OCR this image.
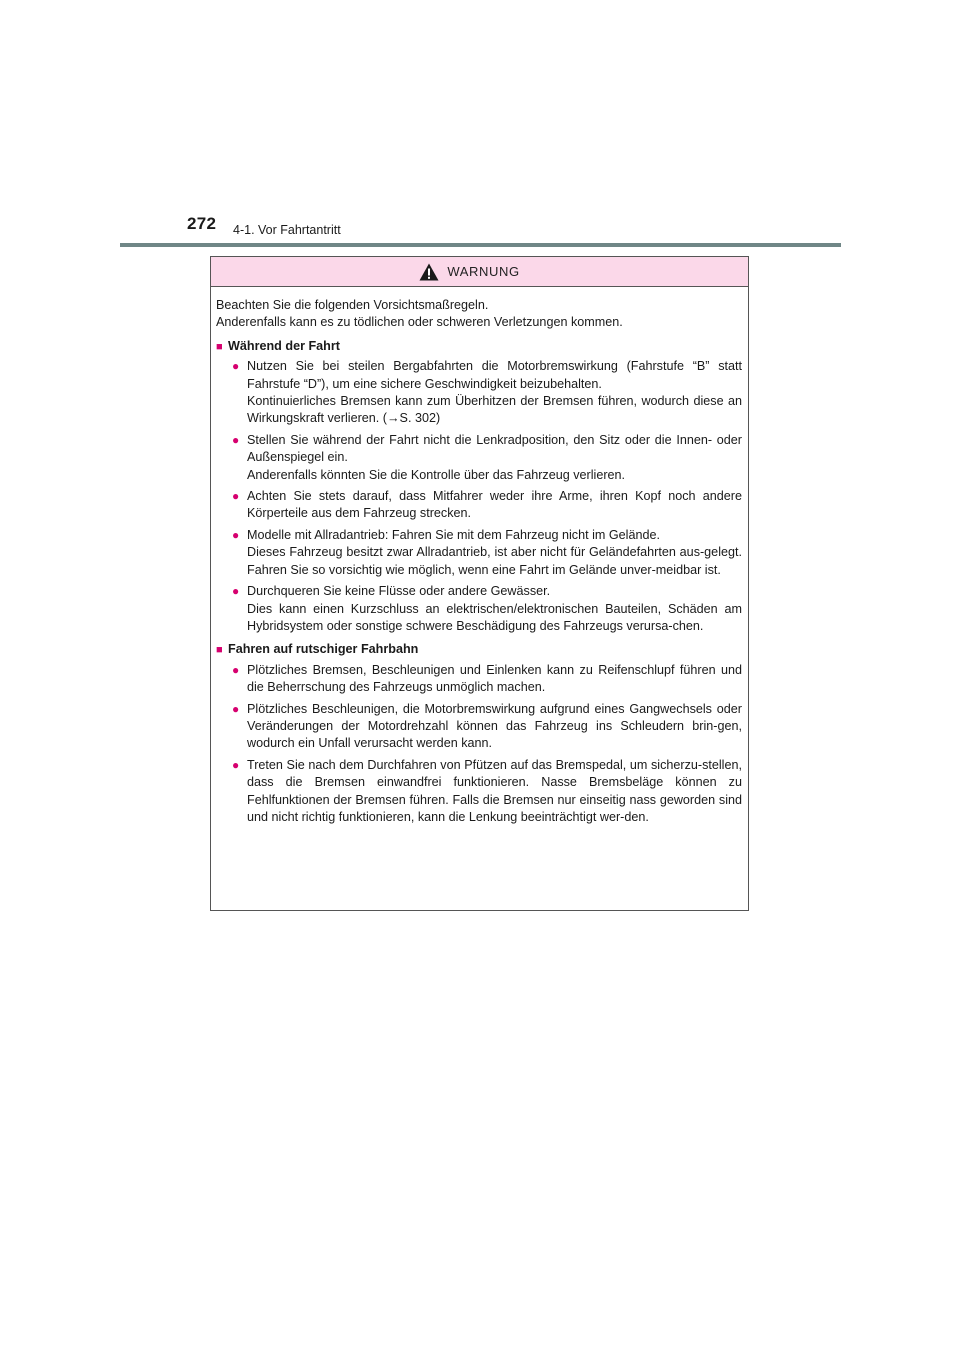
272 4-1. Vor Fahrtantritt
WARNUNG

Beachten Sie die folgenden Vorsichtsmaßregeln.

Anderenfalls kann es zu tödlichen oder schweren Verletzungen kommen.

■ Während der Fahrt
● Nutzen Sie bei steilen Bergabfahrten die Motorbremswirkung (Fahrstufe “B” statt Fahrstufe “D”), um eine sichere Geschwindigkeit beizubehalten.
Kontinuierliches Bremsen kann zum Überhitzen der Bremsen führen, wodurch diese an Wirkungskraft verlieren. (→S. 302)
● Stellen Sie während der Fahrt nicht die Lenkradposition, den Sitz oder die Innen- oder Außenspiegel ein.
Anderenfalls könnten Sie die Kontrolle über das Fahrzeug verlieren.
● Achten Sie stets darauf, dass Mitfahrer weder ihre Arme, ihren Kopf noch andere Körperteile aus dem Fahrzeug strecken.
● Modelle mit Allradantrieb: Fahren Sie mit dem Fahrzeug nicht im Gelände.
Dieses Fahrzeug besitzt zwar Allradantrieb, ist aber nicht für Geländefahrten aus-gelegt. Fahren Sie so vorsichtig wie möglich, wenn eine Fahrt im Gelände unver-meidbar ist.
● Durchqueren Sie keine Flüsse oder andere Gewässer.
Dies kann einen Kurzschluss an elektrischen/elektronischen Bauteilen, Schäden am Hybridsystem oder sonstige schwere Beschädigung des Fahrzeugs verursa-chen.
■ Fahren auf rutschiger Fahrbahn
● Plötzliches Bremsen, Beschleunigen und Einlenken kann zu Reifenschlupf führen und die Beherrschung des Fahrzeugs unmöglich machen.
● Plötzliches Beschleunigen, die Motorbremswirkung aufgrund eines Gangwechsels oder Veränderungen der Motordrehzahl können das Fahrzeug ins Schleudern brin-gen, wodurch ein Unfall verursacht werden kann.
● Treten Sie nach dem Durchfahren von Pfützen auf das Bremspedal, um sicherzu-stellen, dass die Bremsen einwandfrei funktionieren. Nasse Bremsbeläge können zu Fehlfunktionen der Bremsen führen. Falls die Bremsen nur einseitig nass geworden sind und nicht richtig funktionieren, kann die Lenkung beeinträchtigt wer-den.
